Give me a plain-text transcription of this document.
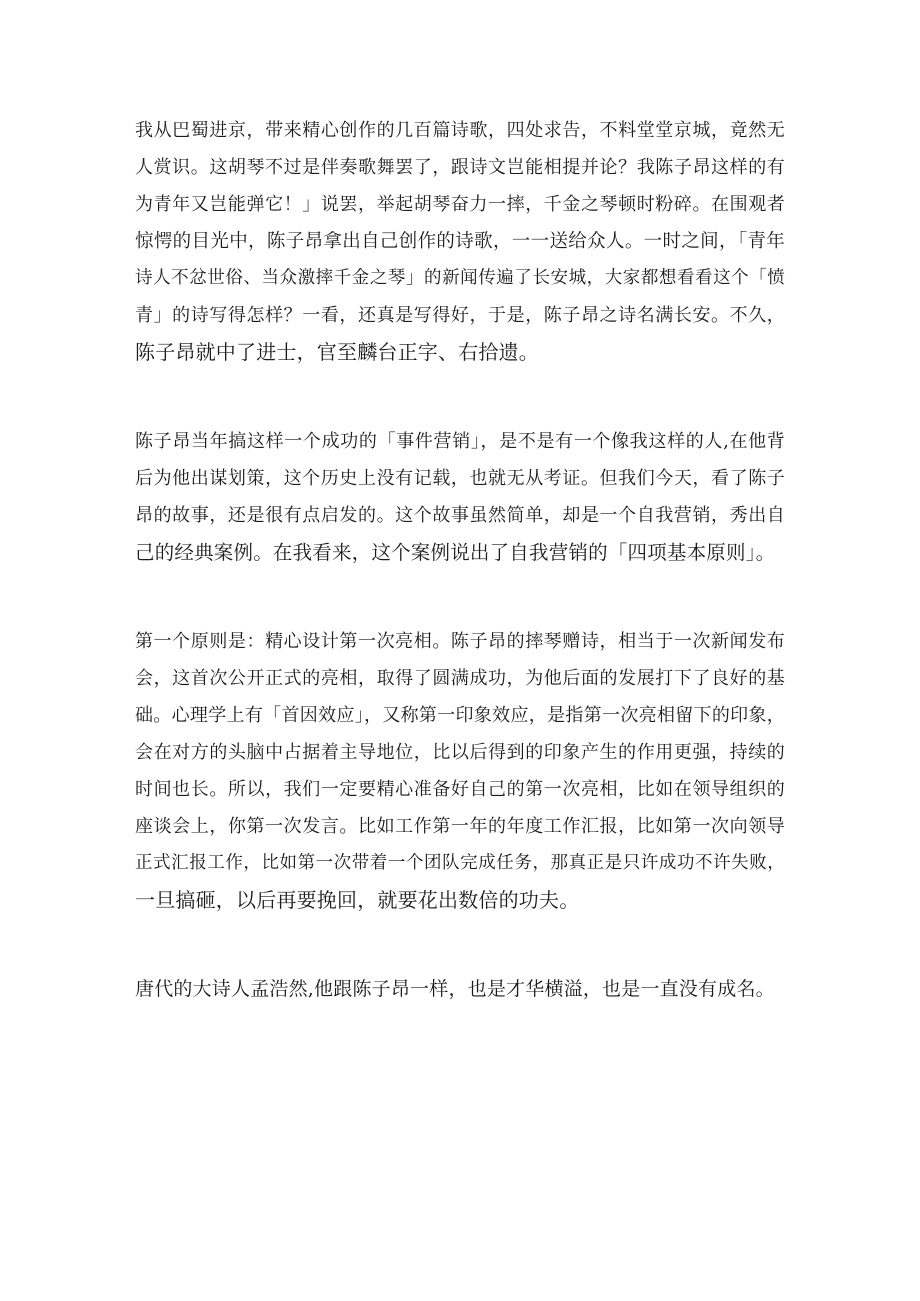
我从巴蜀进京，带来精心创作的几百篇诗歌，四处求告，不料堂堂京城，竟然无
人赏识。这胡琴不过是伴奏歌舞罢了，跟诗文岂能相提并论？我陈子昂这样的有
为青年又岂能弹它！」说罢，举起胡琴奋力一摔，千金之琴顿时粉碎。在围观者
惊愕的目光中，陈子昂拿出自己创作的诗歌，一一送给众人。一时之间，「青年
诗人不忿世俗、当众激摔千金之琴」的新闻传遍了长安城，大家都想看看这个「愤
青」的诗写得怎样？一看，还真是写得好，于是，陈子昂之诗名满长安。不久，
陈子昂就中了进士，官至麟台正字、右拾遗。

陈子昂当年搞这样一个成功的「事件营销」，是不是有一个像我这样的人,在他背
后为他出谋划策，这个历史上没有记载，也就无从考证。但我们今天，看了陈子
昂的故事，还是很有点启发的。这个故事虽然简单，却是一个自我营销，秀出自
己的经典案例。在我看来，这个案例说出了自我营销的「四项基本原则」。

第一个原则是：精心设计第一次亮相。陈子昂的摔琴赠诗，相当于一次新闻发布
会，这首次公开正式的亮相，取得了圆满成功，为他后面的发展打下了良好的基
础。心理学上有「首因效应」，又称第一印象效应，是指第一次亮相留下的印象，
会在对方的头脑中占据着主导地位，比以后得到的印象产生的作用更强，持续的
时间也长。所以，我们一定要精心准备好自己的第一次亮相，比如在领导组织的
座谈会上，你第一次发言。比如工作第一年的年度工作汇报，比如第一次向领导
正式汇报工作，比如第一次带着一个团队完成任务，那真正是只许成功不许失败，
一旦搞砸，以后再要挽回，就要花出数倍的功夫。

唐代的大诗人孟浩然,他跟陈子昂一样，也是才华横溢，也是一直没有成名。
